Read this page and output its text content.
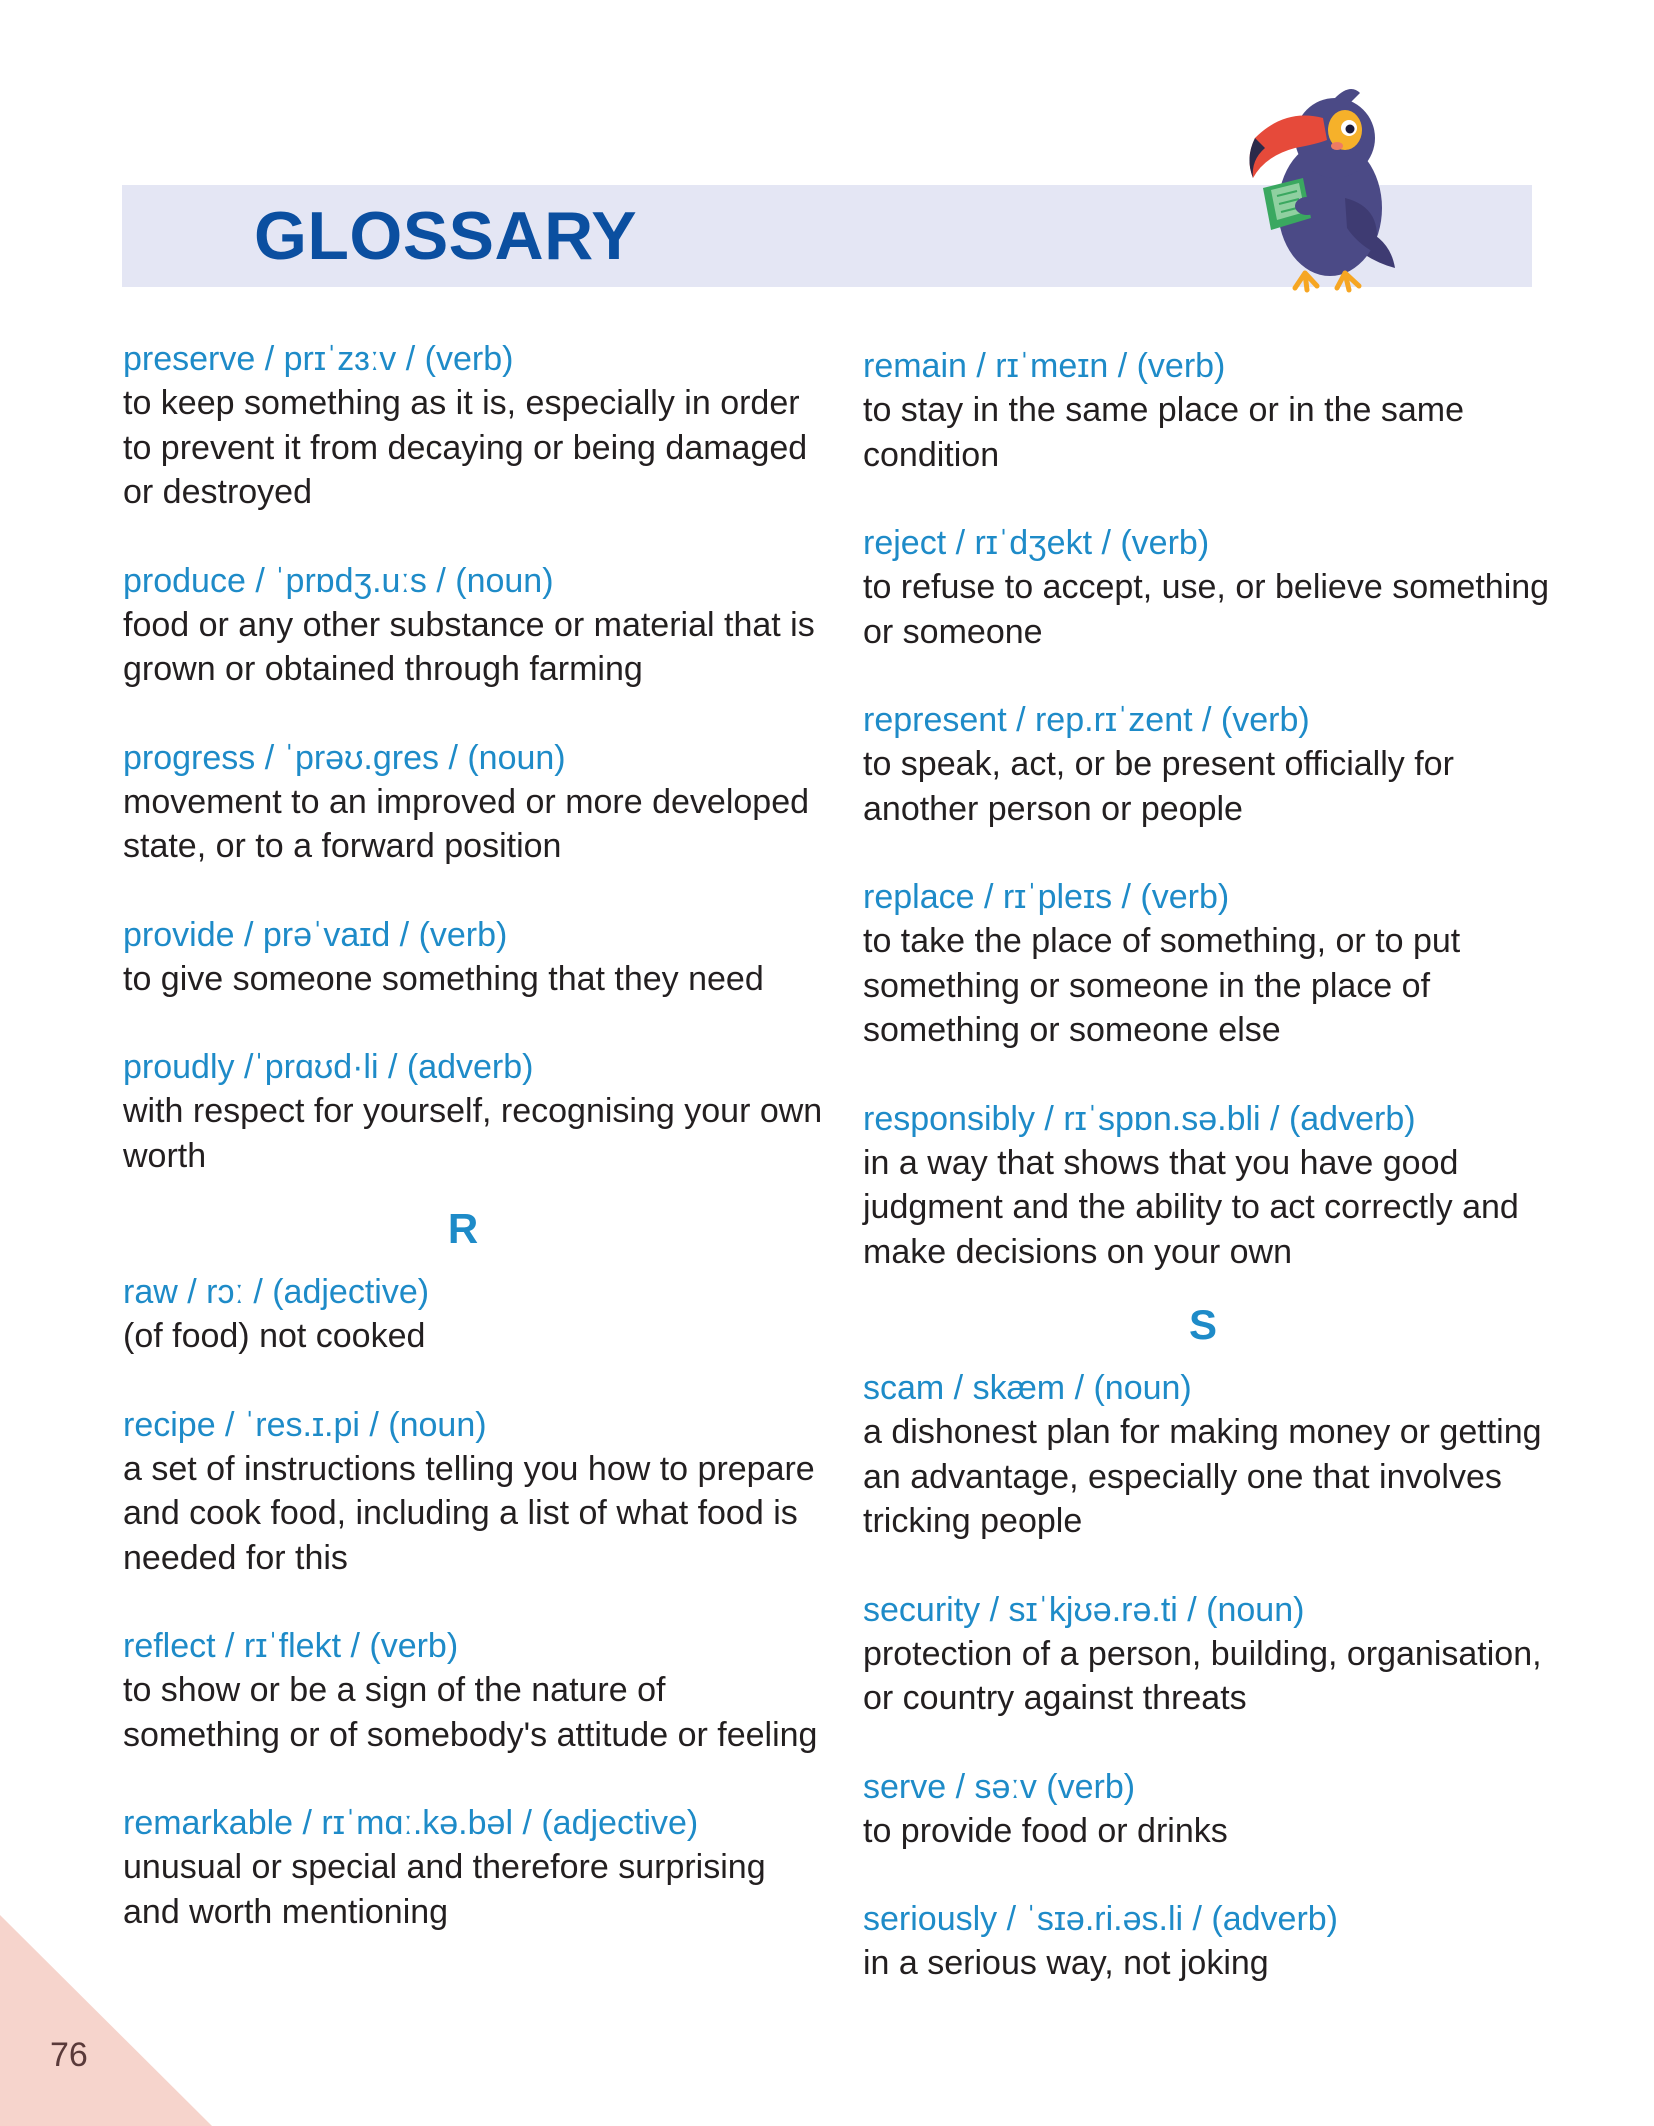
GLOSSARY
preserve / prɪˈzɜːv / (verb)
to keep something as it is, especially in order to prevent it from decaying or being damaged or destroyed
produce / ˈprɒdʒ.uːs / (noun)
food or any other substance or material that is grown or obtained through farming
progress / ˈprəʊ.gres / (noun)
movement to an improved or more developed state, or to a forward position
provide / prəˈvaɪd / (verb)
to give someone something that they need
proudly /ˈprɑʊd·li / (adverb)
with respect for yourself, recognising your own worth
R
raw / rɔː / (adjective)
(of food) not cooked
recipe / ˈres.ɪ.pi / (noun)
a set of instructions telling you how to prepare and cook food, including a list of what food is needed for this
reflect / rɪˈflekt / (verb)
to show or be a sign of the nature of something or of somebody's attitude or feeling
remarkable / rɪˈmɑː.kə.bəl / (adjective)
unusual or special and therefore surprising and worth mentioning
remain / rɪˈmeɪn / (verb)
to stay in the same place or in the same condition
reject / rɪˈdʒekt / (verb)
to refuse to accept, use, or believe something or someone
represent / rep.rɪˈzent / (verb)
to speak, act, or be present officially for another person or people
replace / rɪˈpleɪs / (verb)
to take the place of something, or to put something or someone in the place of something or someone else
responsibly / rɪˈspɒn.sə.bli / (adverb)
in a way that shows that you have good judgment and the ability to act correctly and make decisions on your own
S
scam / skæm / (noun)
a dishonest plan for making money or getting an advantage, especially one that involves tricking people
security / sɪˈkjʊə.rə.ti / (noun)
protection of a person, building, organisation, or country against threats
serve / səːv (verb)
to provide food or drinks
seriously / ˈsɪə.ri.əs.li / (adverb)
in a serious way, not joking
76
